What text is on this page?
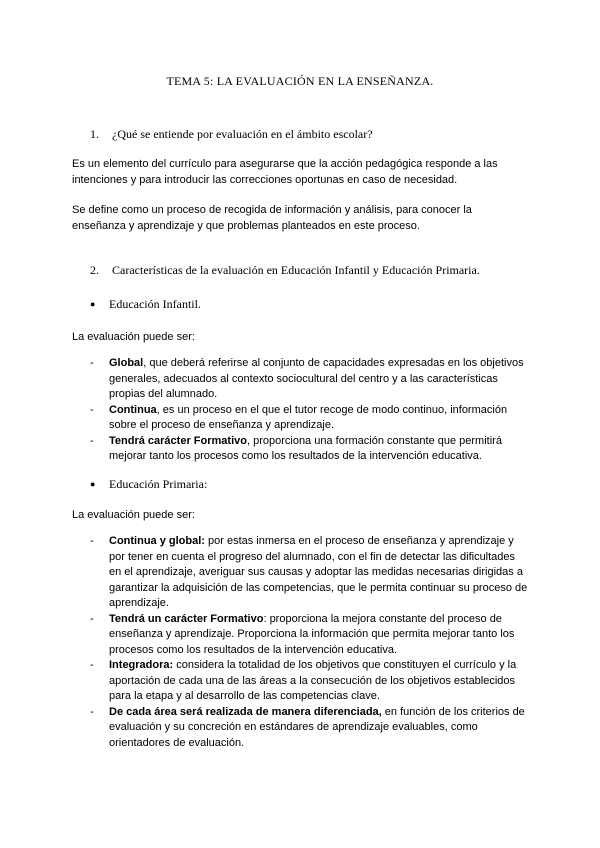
TEMA 5: LA EVALUACIÓN EN LA ENSEÑANZA.
1. ¿Qué se entiende por evaluación en el ámbito escolar?
Es un elemento del currículo para asegurarse que la acción pedagógica responde a las intenciones y para introducir las correcciones oportunas en caso de necesidad.
Se define como un proceso de recogida de información y análisis, para conocer la enseñanza y aprendizaje y que problemas planteados en este proceso.
2. Características de la evaluación en Educación Infantil y Educación Primaria.
● Educación Infantil.
La evaluación puede ser:
- Global, que deberá referirse al conjunto de capacidades expresadas en los objetivos generales, adecuados al contexto sociocultural del centro y a las características propias del alumnado.
- Continua, es un proceso en el que el tutor recoge de modo continuo, información sobre el proceso de enseñanza y aprendizaje.
- Tendrá carácter Formativo, proporciona una formación constante que permitirá mejorar tanto los procesos como los resultados de la intervención educativa.
● Educación Primaria:
La evaluación puede ser:
- Continua y global: por estas inmersa en el proceso de enseñanza y aprendizaje y por tener en cuenta el progreso del alumnado, con el fin de detectar las dificultades en el aprendizaje, averiguar sus causas y adoptar las medidas necesarias dirigidas a garantizar la adquisición de las competencias, que le permita continuar su proceso de aprendizaje.
- Tendrá un carácter Formativo: proporciona la mejora constante del proceso de enseñanza y aprendizaje. Proporciona la información que permita mejorar tanto los procesos como los resultados de la intervención educativa.
- Integradora: considera la totalidad de los objetivos que constituyen el currículo y la aportación de cada una de las áreas a la consecución de los objetivos establecidos para la etapa y al desarrollo de las competencias clave.
- De cada área será realizada de manera diferenciada, en función de los criterios de evaluación y su concreción en estándares de aprendizaje evaluables, como orientadores de evaluación.
